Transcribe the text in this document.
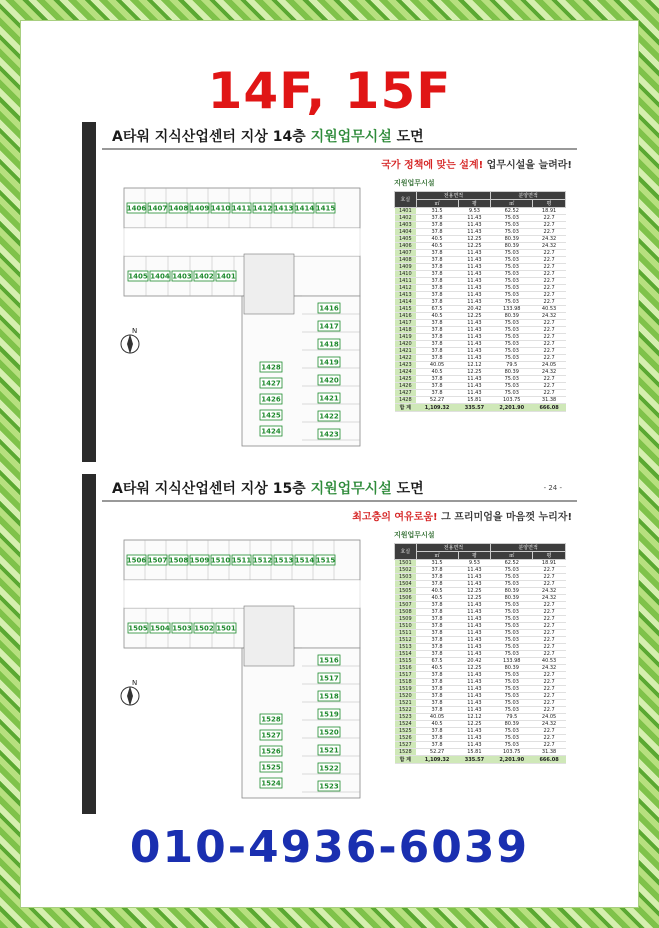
14F, 15F
A타워 지식산업센터 지상 14층 지원업무시설 도면
국가 정책에 맞는 설계! 업무시설을 늘려라!
1406 1407 1408 1409 1410 1411 1412 1413 1414 1415
1405 1404 1403 1402 1401
1416
1417
1418
1419
1420
1421
1422
1423
1428
1427
1426
1425
1424
N
지원업무시설
호실	전용면적		분양면적	
	㎡	평	㎡	평
1401	31.5	9.53	62.52	18.91
1402	37.8	11.43	75.03	22.7
1403	37.8	11.43	75.03	22.7
1404	37.8	11.43	75.03	22.7
1405	40.5	12.25	80.39	24.32
1406	40.5	12.25	80.39	24.32
1407	37.8	11.43	75.03	22.7
1408	37.8	11.43	75.03	22.7
1409	37.8	11.43	75.03	22.7
1410	37.8	11.43	75.03	22.7
1411	37.8	11.43	75.03	22.7
1412	37.8	11.43	75.03	22.7
1413	37.8	11.43	75.03	22.7
1414	37.8	11.43	75.03	22.7
1415	67.5	20.42	133.98	40.53
1416	40.5	12.25	80.39	24.32
1417	37.8	11.43	75.03	22.7
1418	37.8	11.43	75.03	22.7
1419	37.8	11.43	75.03	22.7
1420	37.8	11.43	75.03	22.7
1421	37.8	11.43	75.03	22.7
1422	37.8	11.43	75.03	22.7
1423	40.05	12.12	79.5	24.05
1424	40.5	12.25	80.39	24.32
1425	37.8	11.43	75.03	22.7
1426	37.8	11.43	75.03	22.7
1427	37.8	11.43	75.03	22.7
1428	52.27	15.81	103.75	31.38
합 계	1,109.32	335.57	2,201.90	666.08
A타워 지식산업센터 지상 15층 지원업무시설 도면	- 24 -
최고층의 여유로움! 그 프리미엄을 마음껏 누리자!
1506 1507 1508 1509 1510 1511 1512 1513 1514 1515
1505 1504 1503 1502 1501
1516
1517
1518
1519
1520
1521
1522
1523
1528
1527
1526
1525
1524
N
지원업무시설
호실	전용면적		분양면적	
	㎡	평	㎡	평
1501	31.5	9.53	62.52	18.91
1502	37.8	11.43	75.03	22.7
1503	37.8	11.43	75.03	22.7
1504	37.8	11.43	75.03	22.7
1505	40.5	12.25	80.39	24.32
1506	40.5	12.25	80.39	24.32
1507	37.8	11.43	75.03	22.7
1508	37.8	11.43	75.03	22.7
1509	37.8	11.43	75.03	22.7
1510	37.8	11.43	75.03	22.7
1511	37.8	11.43	75.03	22.7
1512	37.8	11.43	75.03	22.7
1513	37.8	11.43	75.03	22.7
1514	37.8	11.43	75.03	22.7
1515	67.5	20.42	133.98	40.53
1516	40.5	12.25	80.39	24.32
1517	37.8	11.43	75.03	22.7
1518	37.8	11.43	75.03	22.7
1519	37.8	11.43	75.03	22.7
1520	37.8	11.43	75.03	22.7
1521	37.8	11.43	75.03	22.7
1522	37.8	11.43	75.03	22.7
1523	40.05	12.12	79.5	24.05
1524	40.5	12.25	80.39	24.32
1525	37.8	11.43	75.03	22.7
1526	37.8	11.43	75.03	22.7
1527	37.8	11.43	75.03	22.7
1528	52.27	15.81	103.75	31.38
합 계	1,109.32	335.57	2,201.90	666.08
010-4936-6039
